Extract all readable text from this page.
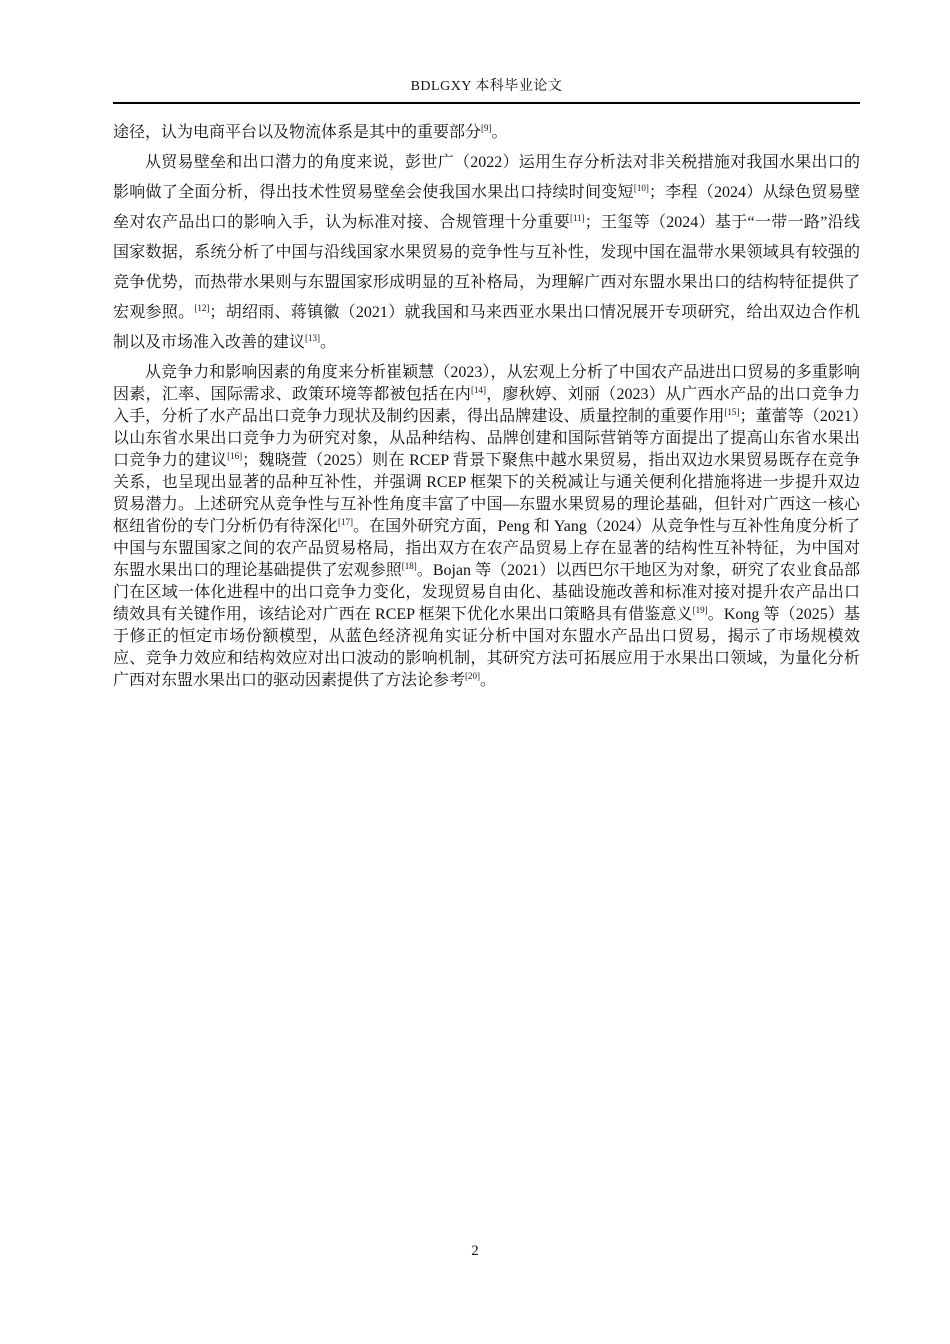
BDLGXY 本科毕业论文

途径，认为电商平台以及物流体系是其中的重要部分[9]。

从贸易壁垒和出口潜力的角度来说，彭世广（2022）运用生存分析法对非关税措施对我国水果出口的影响做了全面分析，得出技术性贸易壁垒会使我国水果出口持续时间变短[10]；李程（2024）从绿色贸易壁垒对农产品出口的影响入手，认为标准对接、合规管理十分重要[11]；王玺等（2024）基于“一带一路”沿线国家数据，系统分析了中国与沿线国家水果贸易的竞争性与互补性，发现中国在温带水果领域具有较强的竞争优势，而热带水果则与东盟国家形成明显的互补格局，为理解广西对东盟水果出口的结构特征提供了宏观参照。[12]；胡绍雨、蒋镇徽（2021）就我国和马来西亚水果出口情况展开专项研究，给出双边合作机制以及市场准入改善的建议[13]。

从竞争力和影响因素的角度来分析崔颖慧（2023），从宏观上分析了中国农产品进出口贸易的多重影响因素，汇率、国际需求、政策环境等都被包括在内[14]，廖秋婷、刘丽（2023）从广西水产品的出口竞争力入手，分析了水产品出口竞争力现状及制约因素，得出品牌建设、质量控制的重要作用[15]；董蕾等（2021）以山东省水果出口竞争力为研究对象，从品种结构、品牌创建和国际营销等方面提出了提高山东省水果出口竞争力的建议[16]；魏晓萱（2025）则在 RCEP 背景下聚焦中越水果贸易，指出双边水果贸易既存在竞争关系，也呈现出显著的品种互补性，并强调 RCEP 框架下的关税减让与通关便利化措施将进一步提升双边贸易潜力。上述研究从竞争性与互补性角度丰富了中国—东盟水果贸易的理论基础，但针对广西这一核心枢纽省份的专门分析仍有待深化[17]。在国外研究方面，Peng 和 Yang（2024）从竞争性与互补性角度分析了中国与东盟国家之间的农产品贸易格局，指出双方在农产品贸易上存在显著的结构性互补特征，为中国对东盟水果出口的理论基础提供了宏观参照[18]。Bojan 等（2021）以西巴尔干地区为对象，研究了农业食品部门在区域一体化进程中的出口竞争力变化，发现贸易自由化、基础设施改善和标准对接对提升农产品出口绩效具有关键作用，该结论对广西在 RCEP 框架下优化水果出口策略具有借鉴意义[19]。Kong 等（2025）基于修正的恒定市场份额模型，从蓝色经济视角实证分析中国对东盟水产品出口贸易，揭示了市场规模效应、竞争力效应和结构效应对出口波动的影响机制，其研究方法可拓展应用于水果出口领域，为量化分析广西对东盟水果出口的驱动因素提供了方法论参考[20]。

2
